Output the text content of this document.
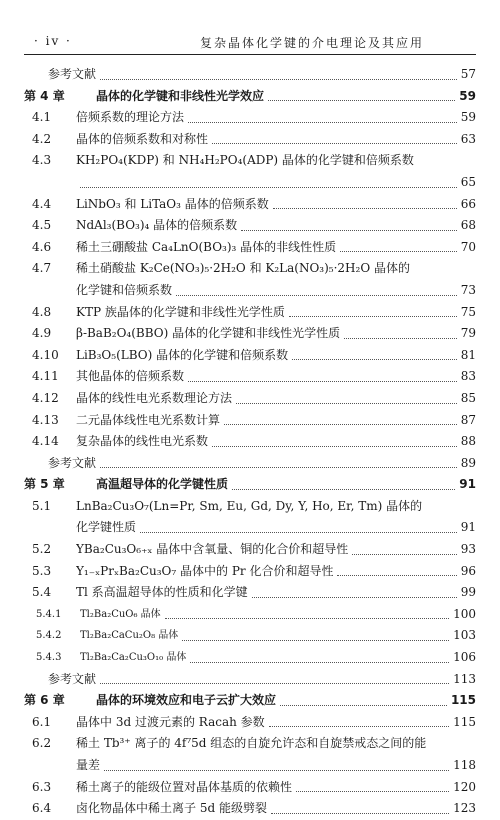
· iv ·	复杂晶体化学键的介电理论及其应用
参考文献	57
第 4 章	晶体的化学键和非线性光学效应	59
4.1	倍频系数的理论方法	59
4.2	晶体的倍频系数和对称性	63
4.3	KH₂PO₄(KDP) 和 NH₄H₂PO₄(ADP) 晶体的化学键和倍频系数
65
4.4	LiNbO₃ 和 LiTaO₃ 晶体的倍频系数	66
4.5	NdAl₃(BO₃)₄ 晶体的倍频系数	68
4.6	稀土三硼酸盐 Ca₄LnO(BO₃)₃ 晶体的非线性性质	70
4.7	稀土硝酸盐 K₂Ce(NO₃)₅·2H₂O 和 K₂La(NO₃)₅·2H₂O 晶体的
化学键和倍频系数	73
4.8	KTP 族晶体的化学键和非线性光学性质	75
4.9	β-BaB₂O₄(BBO) 晶体的化学键和非线性光学性质	79
4.10	LiB₃O₅(LBO) 晶体的化学键和倍频系数	81
4.11	其他晶体的倍频系数	83
4.12	晶体的线性电光系数理论方法	85
4.13	二元晶体线性电光系数计算	87
4.14	复杂晶体的线性电光系数	88
参考文献	89
第 5 章	高温超导体的化学键性质	91
5.1	LnBa₂Cu₃O₇(Ln=Pr, Sm, Eu, Gd, Dy, Y, Ho, Er, Tm) 晶体的
化学键性质	91
5.2	YBa₂Cu₃O₆₊ₓ 晶体中含氧量、铜的化合价和超导性	93
5.3	Y₁₋ₓPrₓBa₂Cu₃O₇ 晶体中的 Pr 化合价和超导性	96
5.4	Tl 系高温超导体的性质和化学键	99
5.4.1	Tl₂Ba₂CuO₆ 晶体	100
5.4.2	Tl₂Ba₂CaCu₂O₈ 晶体	103
5.4.3	Tl₂Ba₂Ca₂Cu₃O₁₀ 晶体	106
参考文献	113
第 6 章	晶体的环境效应和电子云扩大效应	115
6.1	晶体中 3d 过渡元素的 Racah 参数	115
6.2	稀土 Tb³⁺ 离子的 4f⁷5d 组态的自旋允许态和自旋禁戒态之间的能
量差	118
6.3	稀土离子的能级位置对晶体基质的依赖性	120
6.4	卤化物晶体中稀土离子 5d 能级劈裂	123
